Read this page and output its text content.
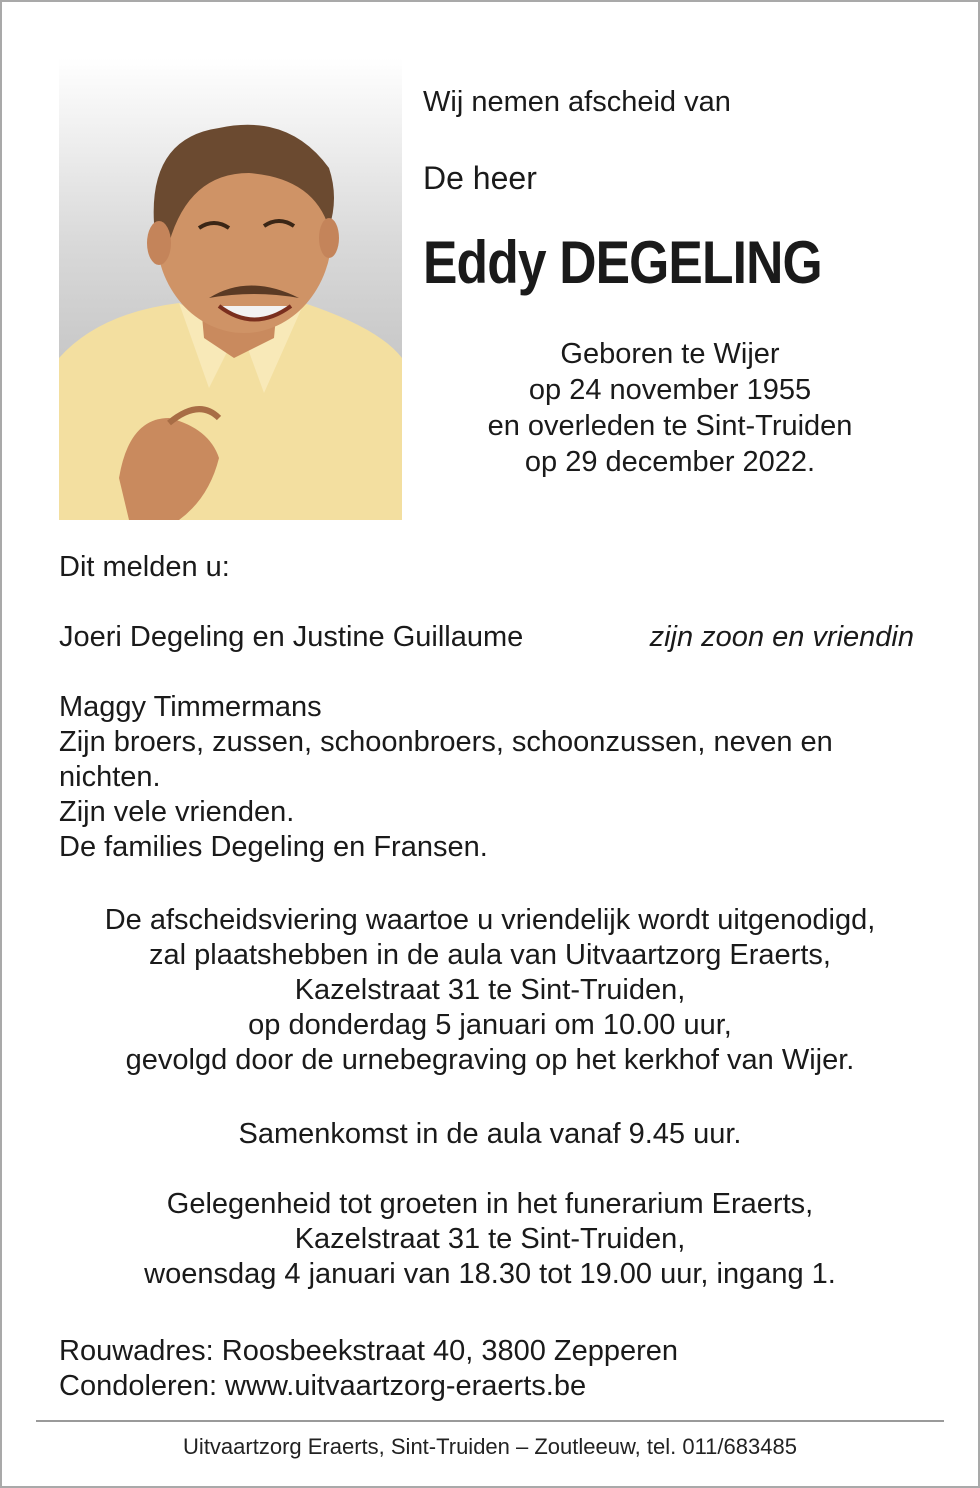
Wij nemen afscheid van
De heer
Eddy DEGELING
Geboren te Wijer
op 24 november 1955
en overleden te Sint-Truiden
op 29 december 2022.
Dit melden u:
Joeri Degeling en Justine Guillaume	zijn zoon en vriendin
Maggy Timmermans
Zijn broers, zussen, schoonbroers, schoonzussen, neven en
nichten.
Zijn vele vrienden.
De families Degeling en Fransen.
De afscheidsviering waartoe u vriendelijk wordt uitgenodigd,
zal plaatshebben in de aula van Uitvaartzorg Eraerts,
Kazelstraat 31 te Sint-Truiden,
op donderdag 5 januari om 10.00 uur,
gevolgd door de urnebegraving op het kerkhof van Wijer.
Samenkomst in de aula vanaf 9.45 uur.
Gelegenheid tot groeten in het funerarium Eraerts,
Kazelstraat 31 te Sint-Truiden,
woensdag 4 januari van 18.30 tot 19.00 uur, ingang 1.
Rouwadres: Roosbeekstraat 40, 3800 Zepperen
Condoleren: www.uitvaartzorg-eraerts.be
Uitvaartzorg Eraerts, Sint-Truiden – Zoutleeuw, tel. 011/683485
